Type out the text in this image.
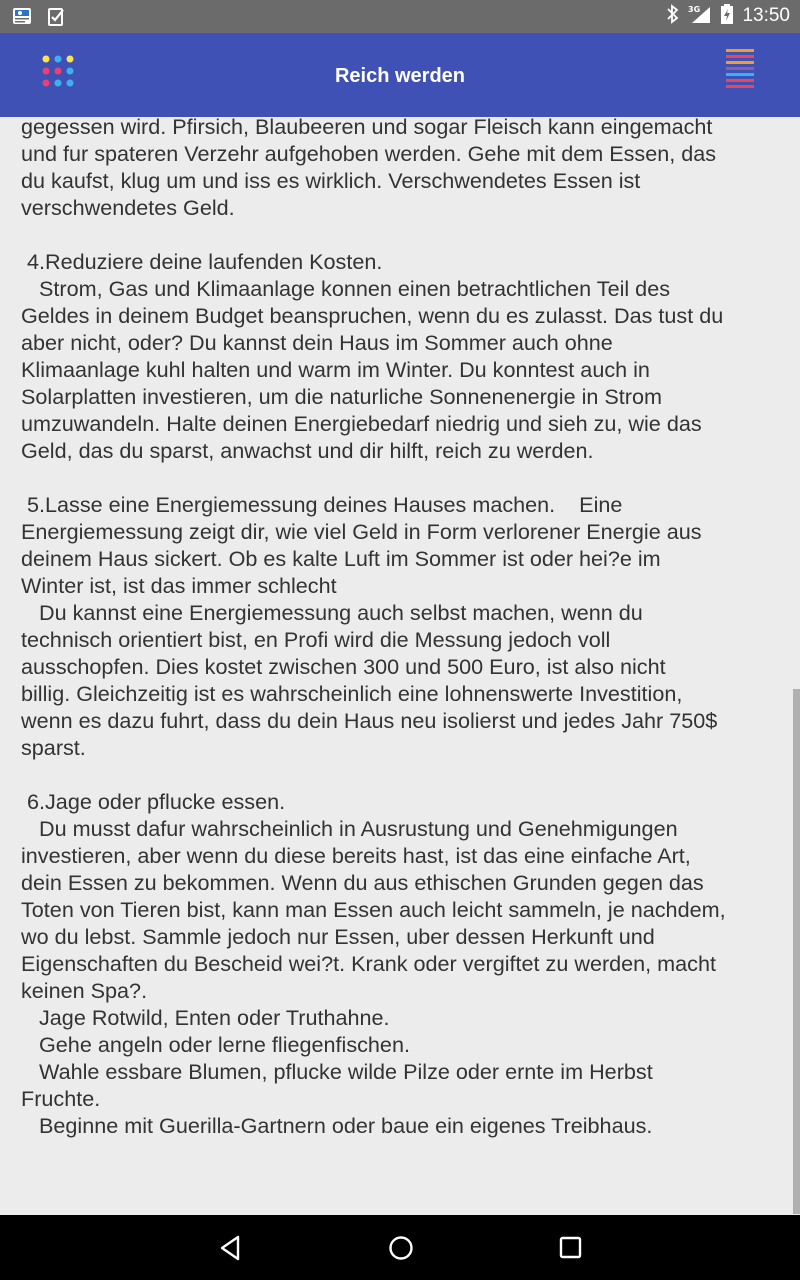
3G 13:50
Reich werden
gegessen wird. Pfirsich, Blaubeeren und sogar Fleisch kann eingemacht
und fur spateren Verzehr aufgehoben werden. Gehe mit dem Essen, das
du kaufst, klug um und iss es wirklich. Verschwendetes Essen ist
verschwendetes Geld.
4.Reduziere deine laufenden Kosten.
Strom, Gas und Klimaanlage konnen einen betrachtlichen Teil des
Geldes in deinem Budget beanspruchen, wenn du es zulasst. Das tust du
aber nicht, oder? Du kannst dein Haus im Sommer auch ohne
Klimaanlage kuhl halten und warm im Winter. Du konntest auch in
Solarplatten investieren, um die naturliche Sonnenenergie in Strom
umzuwandeln. Halte deinen Energiebedarf niedrig und sieh zu, wie das
Geld, das du sparst, anwachst und dir hilft, reich zu werden.
5.Lasse eine Energiemessung deines Hauses machen.    Eine
Energiemessung zeigt dir, wie viel Geld in Form verlorener Energie aus
deinem Haus sickert. Ob es kalte Luft im Sommer ist oder hei?e im
Winter ist, ist das immer schlecht
Du kannst eine Energiemessung auch selbst machen, wenn du
technisch orientiert bist, en Profi wird die Messung jedoch voll
ausschopfen. Dies kostet zwischen 300 und 500 Euro, ist also nicht
billig. Gleichzeitig ist es wahrscheinlich eine lohnenswerte Investition,
wenn es dazu fuhrt, dass du dein Haus neu isolierst und jedes Jahr 750$
sparst.
6.Jage oder pflucke essen.
Du musst dafur wahrscheinlich in Ausrustung und Genehmigungen
investieren, aber wenn du diese bereits hast, ist das eine einfache Art,
dein Essen zu bekommen. Wenn du aus ethischen Grunden gegen das
Toten von Tieren bist, kann man Essen auch leicht sammeln, je nachdem,
wo du lebst. Sammle jedoch nur Essen, uber dessen Herkunft und
Eigenschaften du Bescheid wei?t. Krank oder vergiftet zu werden, macht
keinen Spa?.
Jage Rotwild, Enten oder Truthahne.
Gehe angeln oder lerne fliegenfischen.
Wahle essbare Blumen, pflucke wilde Pilze oder ernte im Herbst
Fruchte.
Beginne mit Guerilla-Gartnern oder baue ein eigenes Treibhaus.
